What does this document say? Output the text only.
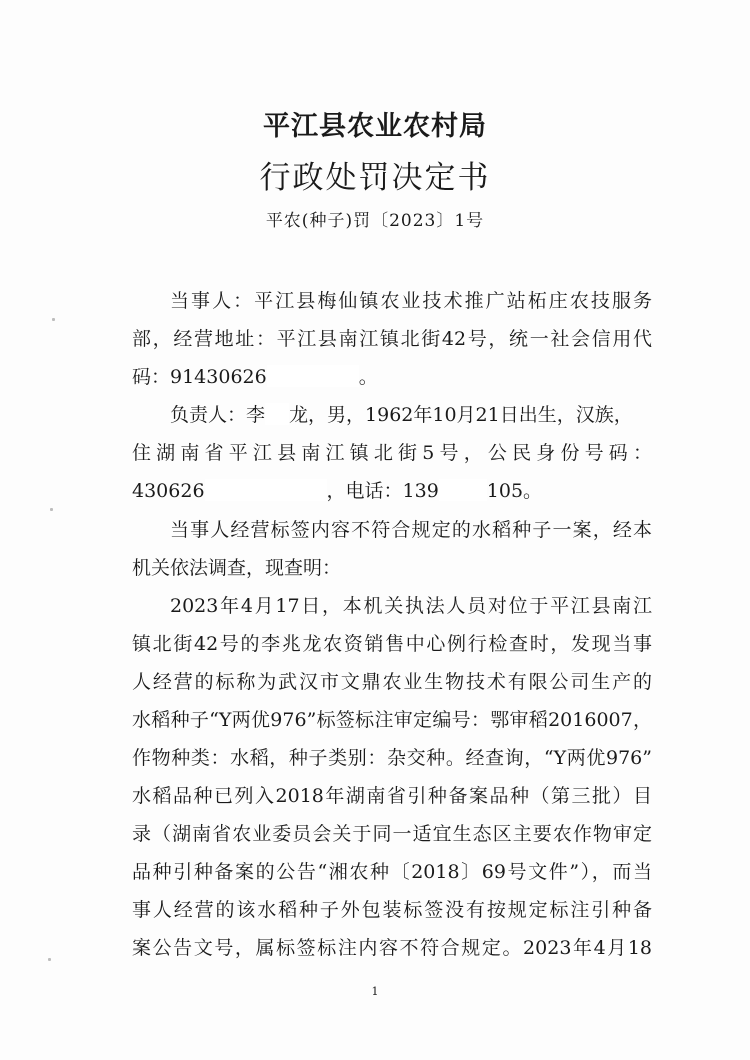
平江县农业农村局
行政处罚决定书
平农(种子)罚〔2023〕1号
当事人：平江县梅仙镇农业技术推广站柘庄农技服务
部，经营地址：平江县南江镇北街42号，统一社会信用代
码：91430626	。
负责人：李 龙，男，1962年10月21日出生，汉族，
住湖南省平江县南江镇北街5号，公民身份号码：
430626	，电话：139	105。
当事人经营标签内容不符合规定的水稻种子一案，经本
机关依法调查，现查明：
2023年4月17日，本机关执法人员对位于平江县南江
镇北街42号的李兆龙农资销售中心例行检查时，发现当事
人经营的标称为武汉市文鼎农业生物技术有限公司生产的
水稻种子“Y两优976”标签标注审定编号：鄂审稻2016007，
作物种类：水稻，种子类别：杂交种。经查询，“Y两优976”
水稻品种已列入2018年湖南省引种备案品种（第三批）目
录（湖南省农业委员会关于同一适宜生态区主要农作物审定
品种引种备案的公告“湘农种〔2018〕69号文件”），而当
事人经营的该水稻种子外包装标签没有按规定标注引种备
案公告文号，属标签标注内容不符合规定。2023年4月18
1
